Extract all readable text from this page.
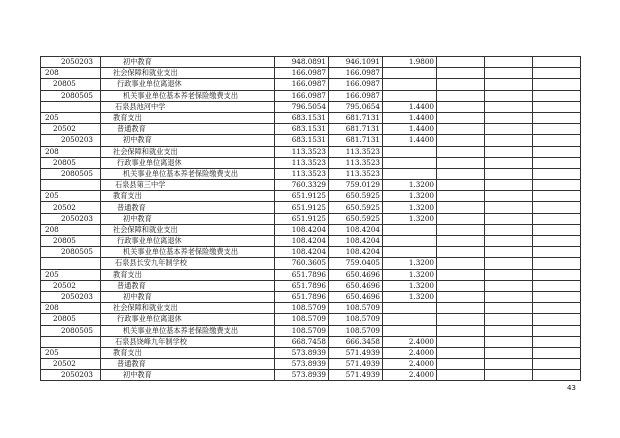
2050203	初中教育	948.0891	946.1091	1.9800			
208	社会保障和就业支出	166.0987	166.0987				
20805	行政事业单位离退休	166.0987	166.0987				
2080505	机关事业单位基本养老保险缴费支出	166.0987	166.0987				
	石泉县池河中学	796.5054	795.0654	1.4400			
205	教育支出	683.1531	681.7131	1.4400			
20502	普通教育	683.1531	681.7131	1.4400			
2050203	初中教育	683.1531	681.7131	1.4400			
208	社会保障和就业支出	113.3523	113.3523				
20805	行政事业单位离退休	113.3523	113.3523				
2080505	机关事业单位基本养老保险缴费支出	113.3523	113.3523				
	石泉县第三中学	760.3329	759.0129	1.3200			
205	教育支出	651.9125	650.5925	1.3200			
20502	普通教育	651.9125	650.5925	1.3200			
2050203	初中教育	651.9125	650.5925	1.3200			
208	社会保障和就业支出	108.4204	108.4204				
20805	行政事业单位离退休	108.4204	108.4204				
2080505	机关事业单位基本养老保险缴费支出	108.4204	108.4204				
	石泉县长安九年制学校	760.3605	759.0405	1.3200			
205	教育支出	651.7896	650.4696	1.3200			
20502	普通教育	651.7896	650.4696	1.3200			
2050203	初中教育	651.7896	650.4696	1.3200			
208	社会保障和就业支出	108.5709	108.5709				
20805	行政事业单位离退休	108.5709	108.5709				
2080505	机关事业单位基本养老保险缴费支出	108.5709	108.5709				
	石泉县饶峰九年制学校	668.7458	666.3458	2.4000			
205	教育支出	573.8939	571.4939	2.4000			
20502	普通教育	573.8939	571.4939	2.4000			
2050203	初中教育	573.8939	571.4939	2.4000			
43
